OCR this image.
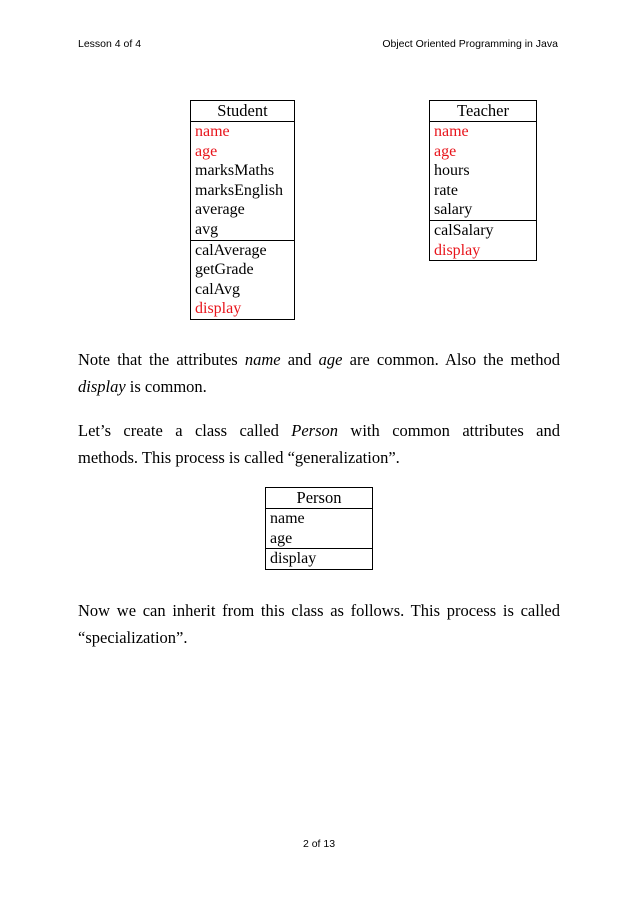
Lesson 4 of 4	Object Oriented Programming in Java
Student
name
age
marksMaths
marksEnglish
average
avg
calAverage
getGrade
calAvg
display
Teacher
name
age
hours
rate
salary
calSalary
display

Note that the attributes name and age are common. Also the method

display is common.

Let’s create a class called Person with common attributes and

methods. This process is called “generalization”.

Person
name
age
display

Now we can inherit from this class as follows. This process is called

“specialization”.

2 of 13
